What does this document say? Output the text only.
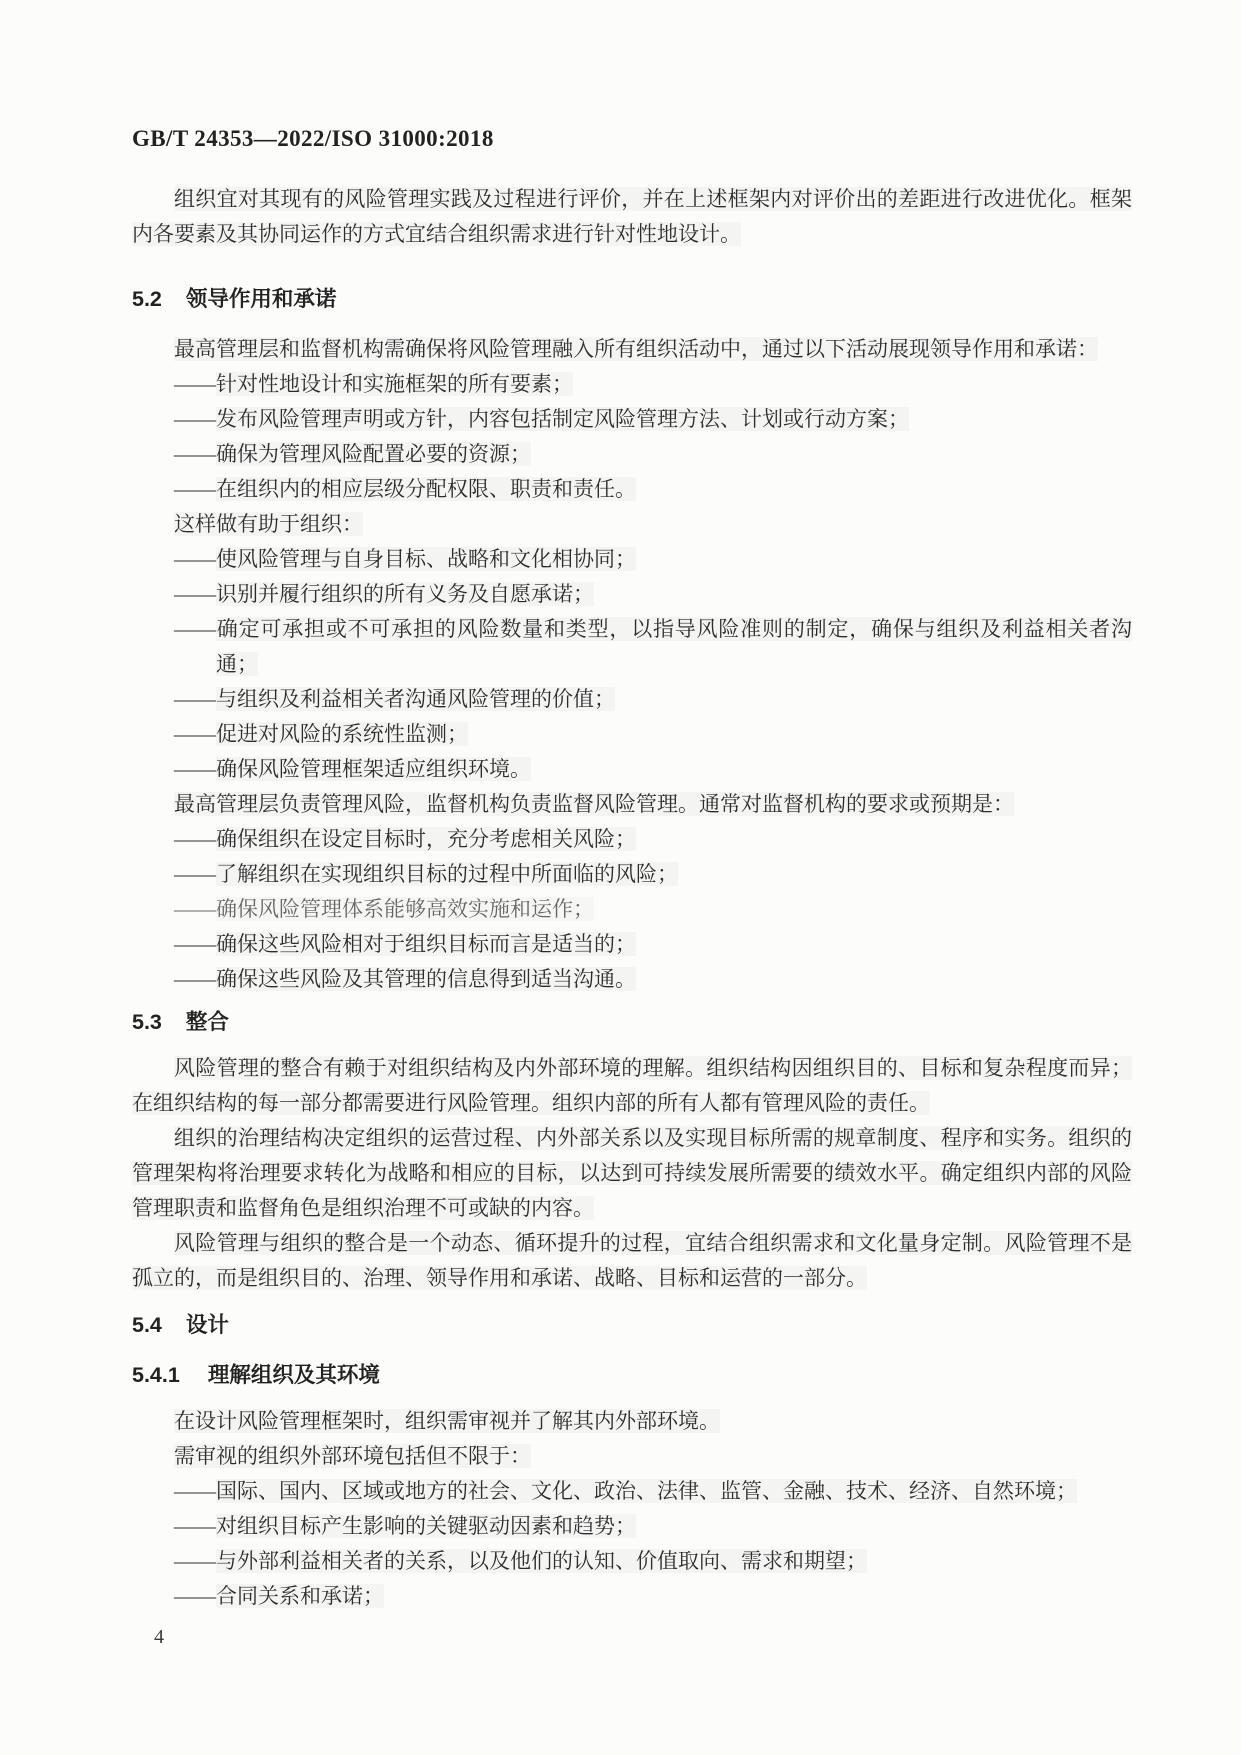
GB/T 24353—2022/ISO 31000:2018

组织宜对其现有的风险管理实践及过程进行评价，并在上述框架内对评价出的差距进行改进优化。框架内各要素及其协同运作的方式宜结合组织需求进行针对性地设计。

5.2 领导作用和承诺

最高管理层和监督机构需确保将风险管理融入所有组织活动中，通过以下活动展现领导作用和承诺：

——针对性地设计和实施框架的所有要素；
——发布风险管理声明或方针，内容包括制定风险管理方法、计划或行动方案；
——确保为管理风险配置必要的资源；
——在组织内的相应层级分配权限、职责和责任。

这样做有助于组织：

——使风险管理与自身目标、战略和文化相协同；
——识别并履行组织的所有义务及自愿承诺；
——确定可承担或不可承担的风险数量和类型，以指导风险准则的制定，确保与组织及利益相关者沟通；
——与组织及利益相关者沟通风险管理的价值；
——促进对风险的系统性监测；
——确保风险管理框架适应组织环境。

最高管理层负责管理风险，监督机构负责监督风险管理。通常对监督机构的要求或预期是：

——确保组织在设定目标时，充分考虑相关风险；
——了解组织在实现组织目标的过程中所面临的风险；
——确保风险管理体系能够高效实施和运作；
——确保这些风险相对于组织目标而言是适当的；
——确保这些风险及其管理的信息得到适当沟通。
5.3 整合

风险管理的整合有赖于对组织结构及内外部环境的理解。组织结构因组织目的、目标和复杂程度而异；在组织结构的每一部分都需要进行风险管理。组织内部的所有人都有管理风险的责任。

组织的治理结构决定组织的运营过程、内外部关系以及实现目标所需的规章制度、程序和实务。组织的管理架构将治理要求转化为战略和相应的目标，以达到可持续发展所需要的绩效水平。确定组织内部的风险管理职责和监督角色是组织治理不可或缺的内容。

风险管理与组织的整合是一个动态、循环提升的过程，宜结合组织需求和文化量身定制。风险管理不是孤立的，而是组织目的、治理、领导作用和承诺、战略、目标和运营的一部分。

5.4 设计
5.4.1 理解组织及其环境

在设计风险管理框架时，组织需审视并了解其内外部环境。

需审视的组织外部环境包括但不限于：

——国际、国内、区域或地方的社会、文化、政治、法律、监管、金融、技术、经济、自然环境；
——对组织目标产生影响的关键驱动因素和趋势；
——与外部利益相关者的关系，以及他们的认知、价值取向、需求和期望；
——合同关系和承诺；
4
